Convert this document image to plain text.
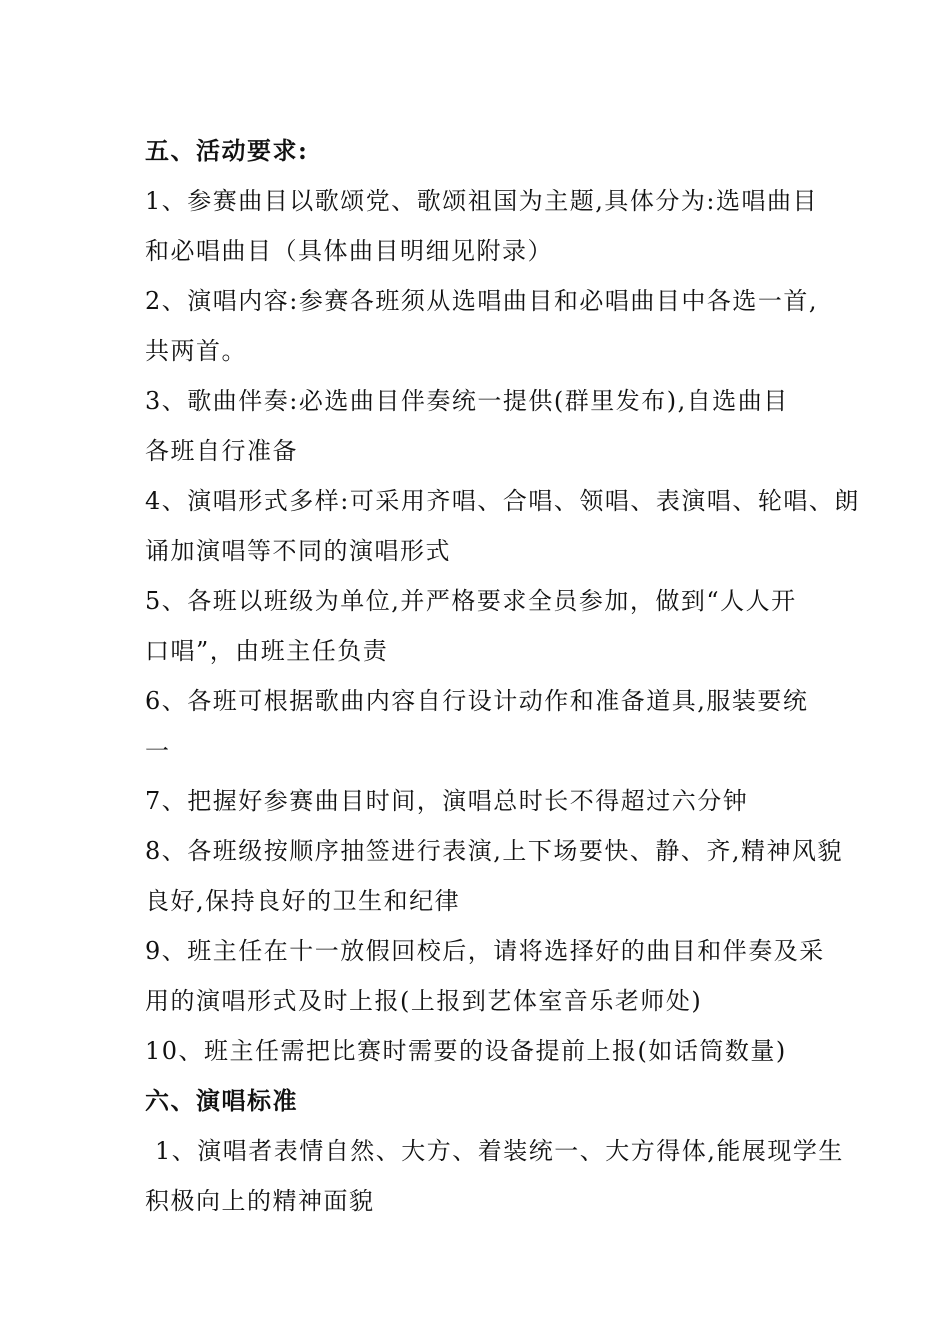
五、活动要求:
1、参赛曲目以歌颂党、歌颂祖国为主题,具体分为:选唱曲目
和必唱曲目（具体曲目明细见附录）
2、演唱内容:参赛各班须从选唱曲目和必唱曲目中各选一首,
共两首。
3、歌曲伴奏:必选曲目伴奏统一提供(群里发布),自选曲目
各班自行准备
4、演唱形式多样:可采用齐唱、合唱、领唱、表演唱、轮唱、朗
诵加演唱等不同的演唱形式
5、各班以班级为单位,并严格要求全员参加，做到“人人开
口唱”，由班主任负责
6、各班可根据歌曲内容自行设计动作和准备道具,服装要统
一
7、把握好参赛曲目时间，演唱总时长不得超过六分钟
8、各班级按顺序抽签进行表演,上下场要快、静、齐,精神风貌
良好,保持良好的卫生和纪律
9、班主任在十一放假回校后，请将选择好的曲目和伴奏及采
用的演唱形式及时上报(上报到艺体室音乐老师处)
10、班主任需把比赛时需要的设备提前上报(如话筒数量)
六、演唱标准
1、演唱者表情自然、大方、着装统一、大方得体,能展现学生
积极向上的精神面貌
